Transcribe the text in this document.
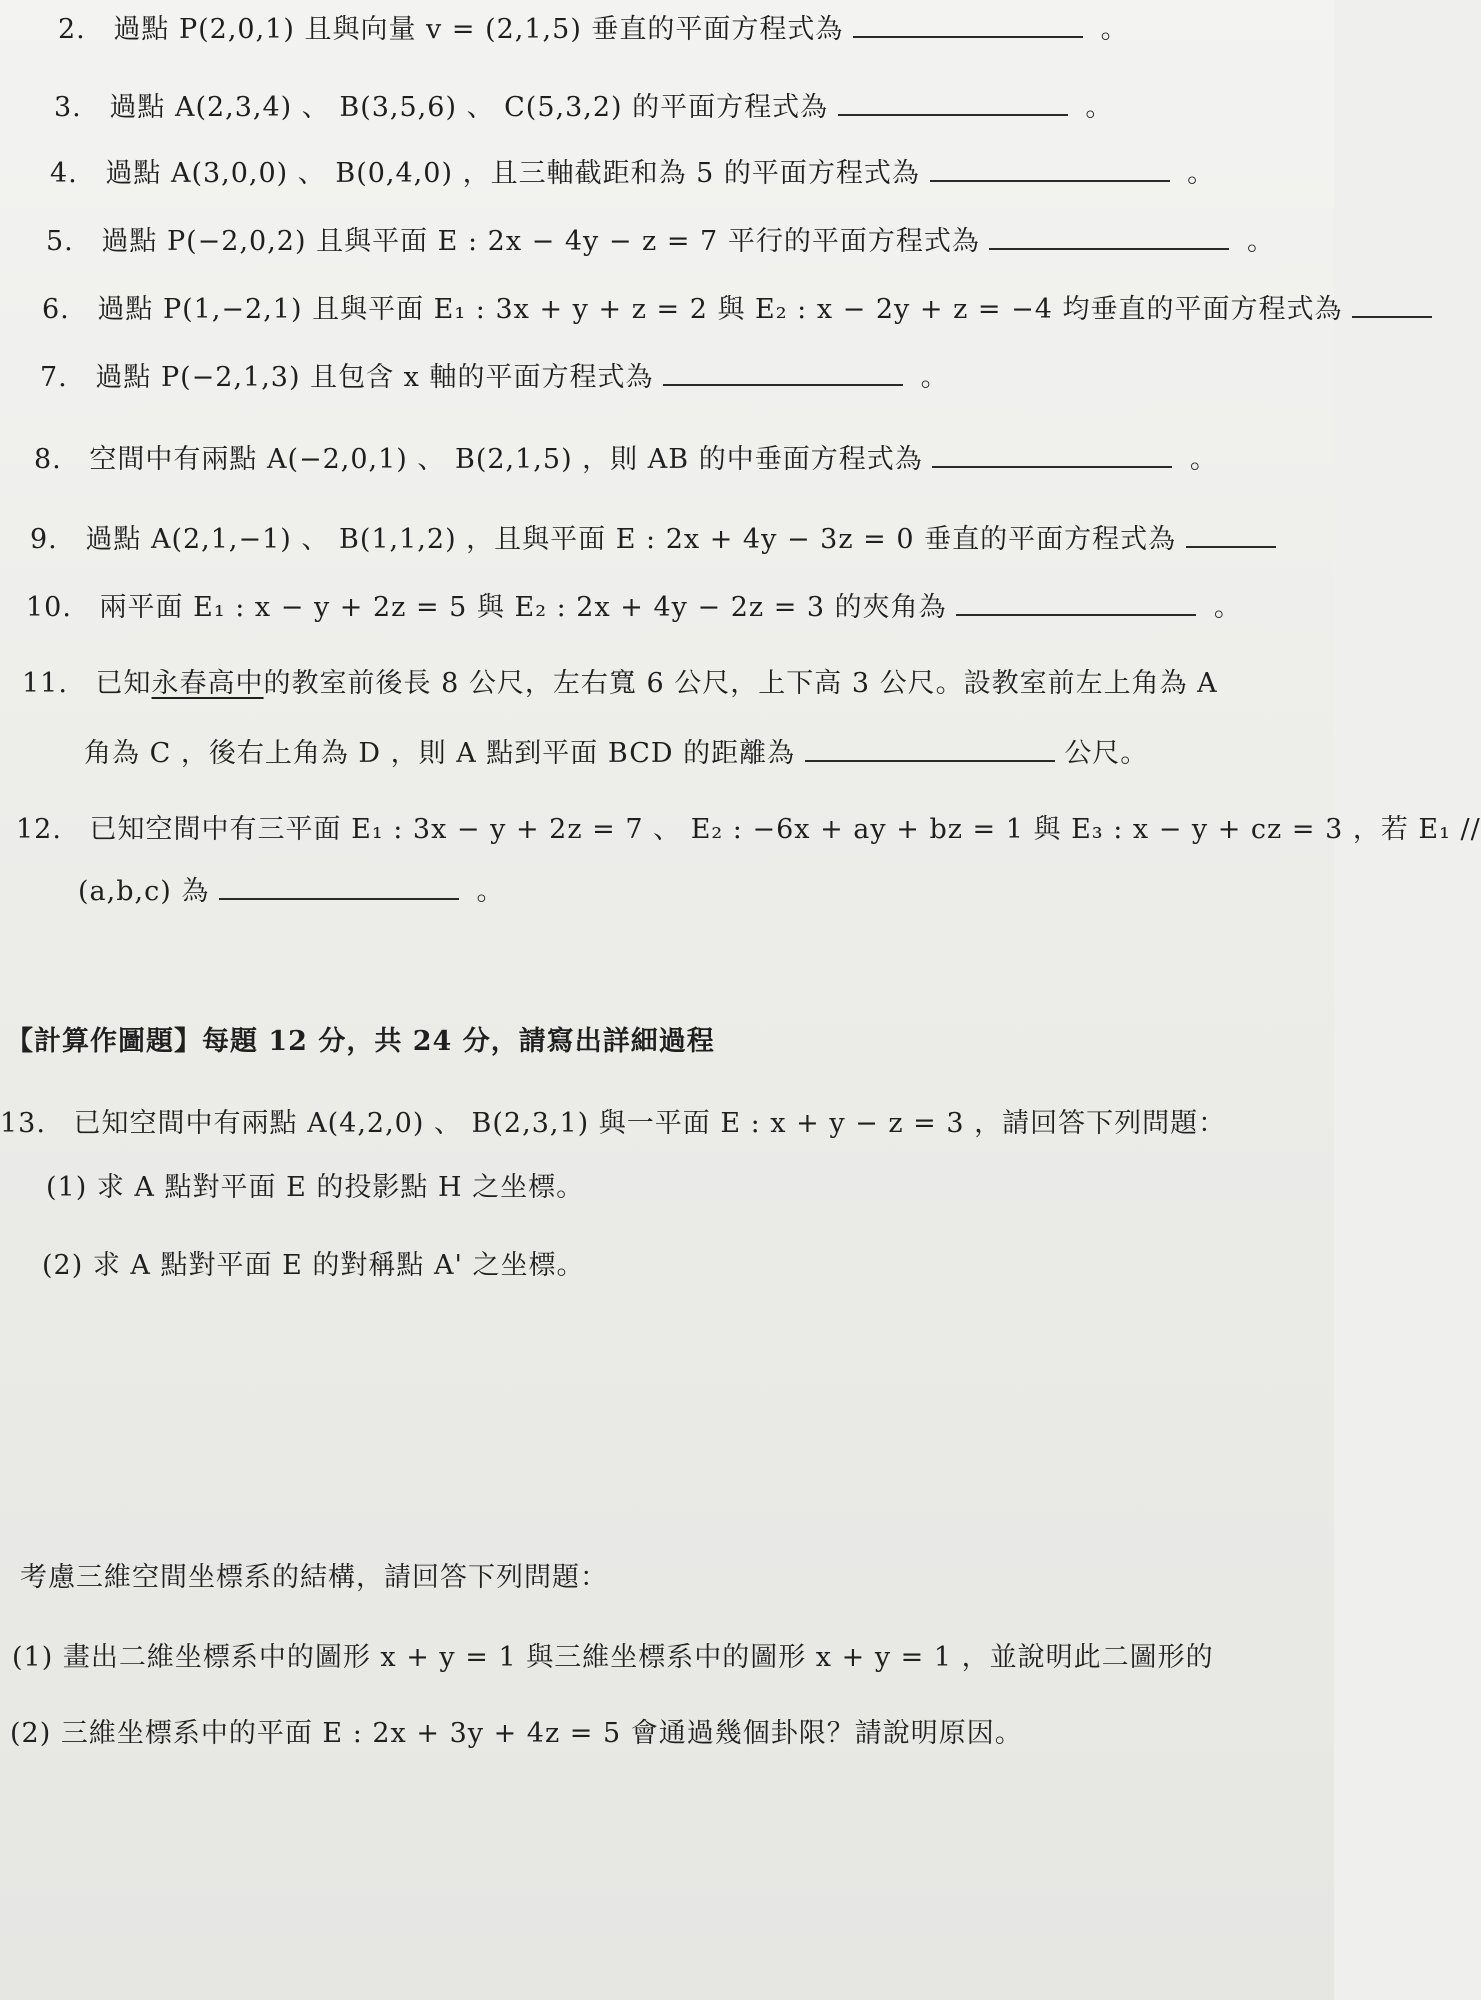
2. 過點 P(2,0,1) 且與向量 v = (2,1,5) 垂直的平面方程式為	。
3. 過點 A(2,3,4) 、 B(3,5,6) 、 C(5,3,2) 的平面方程式為	。
4. 過點 A(3,0,0) 、 B(0,4,0) ，且三軸截距和為 5 的平面方程式為	。
5. 過點 P(−2,0,2) 且與平面 E : 2x − 4y − z = 7 平行的平面方程式為	。
6. 過點 P(1,−2,1) 且與平面 E₁ : 3x + y + z = 2 與 E₂ : x − 2y + z = −4 均垂直的平面方程式為
7. 過點 P(−2,1,3) 且包含 x 軸的平面方程式為	。
8. 空間中有兩點 A(−2,0,1) 、 B(2,1,5) ，則 AB 的中垂面方程式為	。
9. 過點 A(2,1,−1) 、 B(1,1,2) ，且與平面 E : 2x + 4y − 3z = 0 垂直的平面方程式為
10. 兩平面 E₁ : x − y + 2z = 5 與 E₂ : 2x + 4y − 2z = 3 的夾角為	。
11. 已知永春高中的教室前後長 8 公尺，左右寬 6 公尺，上下高 3 公尺。設教室前左上角為 A
角為 C ，後右上角為 D ，則 A 點到平面 BCD 的距離為	公尺。
12. 已知空間中有三平面 E₁ : 3x − y + 2z = 7 、 E₂ : −6x + ay + bz = 1 與 E₃ : x − y + cz = 3 ，若 E₁ //
(a,b,c) 為	。
【計算作圖題】每題 12 分，共 24 分，請寫出詳細過程
13. 已知空間中有兩點 A(4,2,0) 、 B(2,3,1) 與一平面 E : x + y − z = 3 ，請回答下列問題：
(1) 求 A 點對平面 E 的投影點 H 之坐標。
(2) 求 A 點對平面 E 的對稱點 A' 之坐標。
考慮三維空間坐標系的結構，請回答下列問題：
(1) 畫出二維坐標系中的圖形 x + y = 1 與三維坐標系中的圖形 x + y = 1 ，並說明此二圖形的
(2) 三維坐標系中的平面 E : 2x + 3y + 4z = 5 會通過幾個卦限？請說明原因。
